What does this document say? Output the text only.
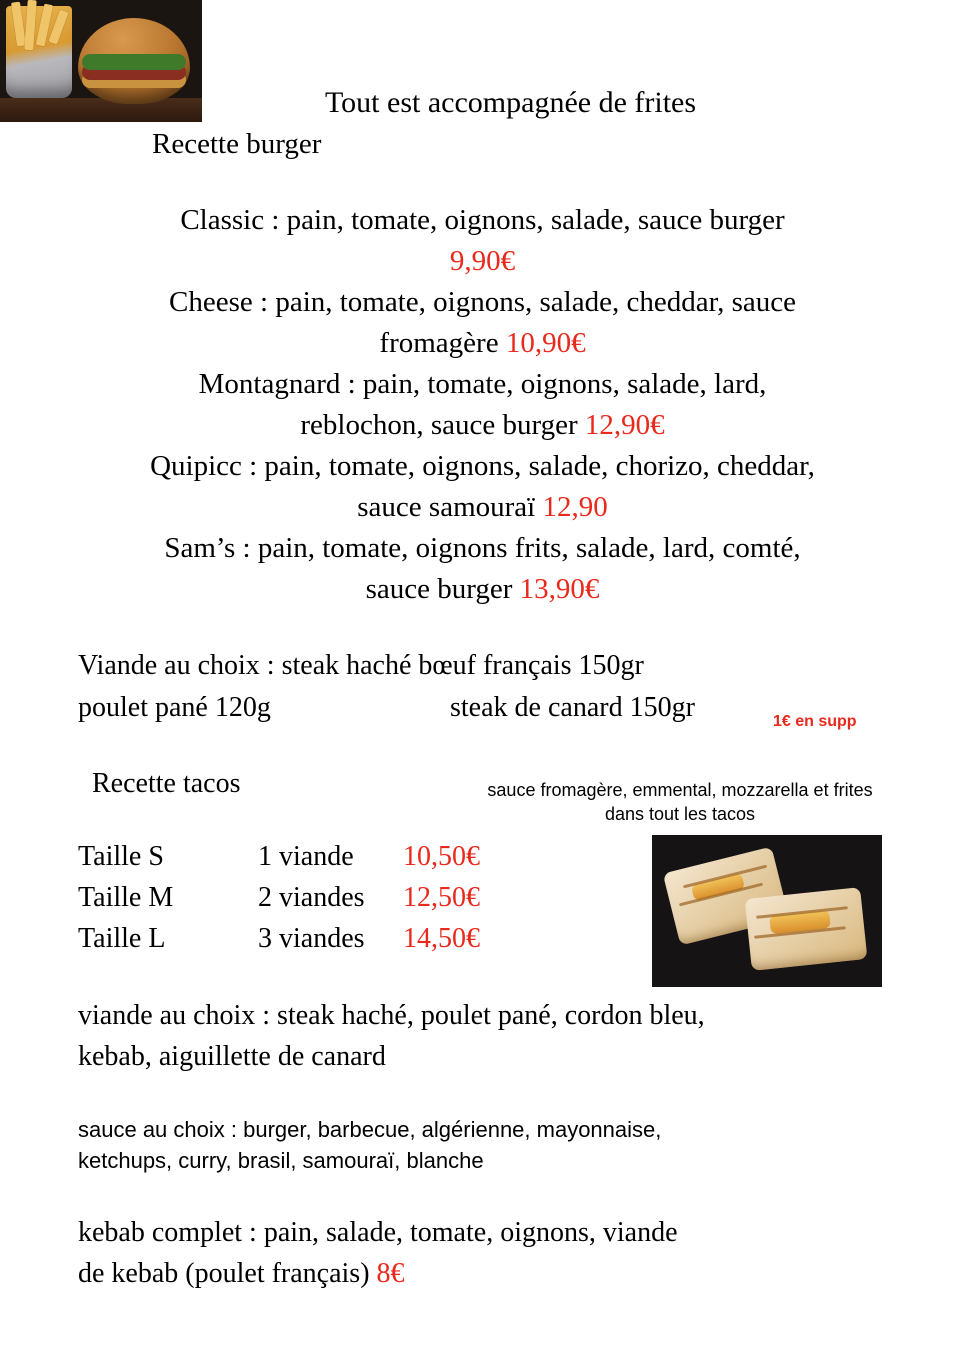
Tout est accompagnée de frites
Recette burger
Classic : pain, tomate, oignons, salade, sauce burger
9,90€
Cheese : pain, tomate, oignons, salade, cheddar, sauce
fromagère 10,90€
Montagnard : pain, tomate, oignons, salade, lard,
reblochon, sauce burger 12,90€
Quipicc : pain, tomate, oignons, salade, chorizo, cheddar,
sauce samouraï 12,90
Sam’s : pain, tomate, oignons frits, salade, lard, comté,
sauce burger 13,90€
Viande au choix : steak haché bœuf français 150gr
poulet pané 120g	steak de canard 150gr	1€ en supp
Recette tacos	sauce fromagère, emmental, mozzarella et frites dans tout les tacos
Taille S	1 viande	10,50€
Taille M	2 viandes	12,50€
Taille L	3 viandes	14,50€
viande au choix : steak haché, poulet pané, cordon bleu,
kebab, aiguillette de canard
sauce au choix : burger, barbecue, algérienne, mayonnaise,
ketchups, curry, brasil, samouraï, blanche
kebab complet : pain, salade, tomate, oignons, viande
de kebab (poulet français) 8€
